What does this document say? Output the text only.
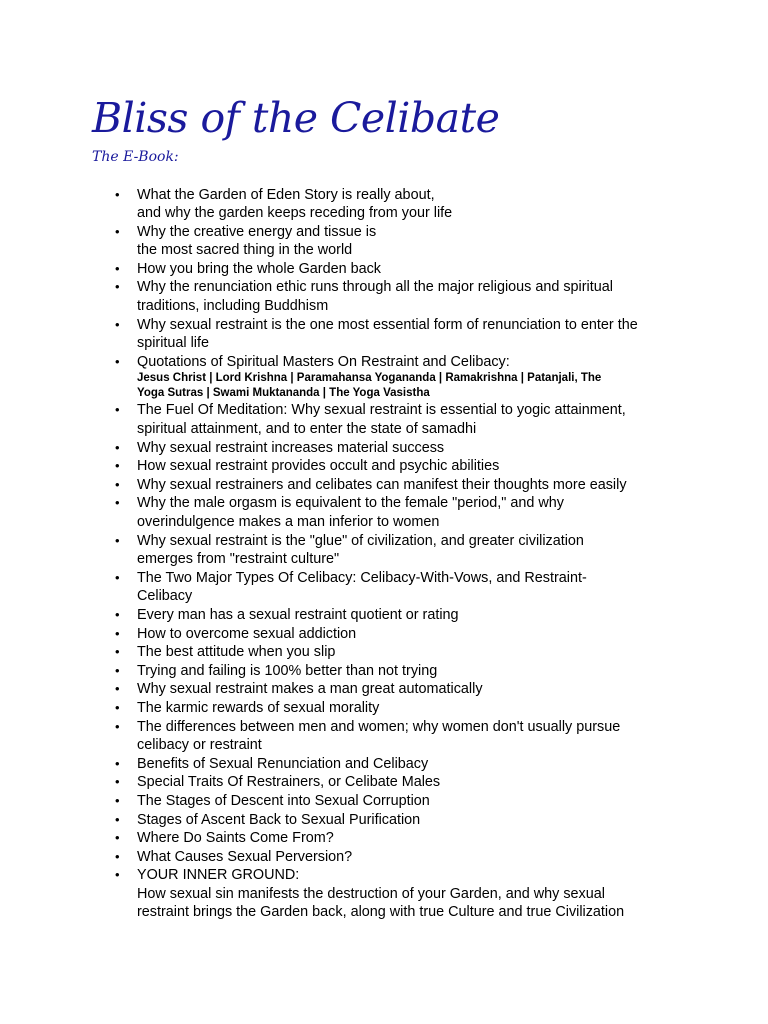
Bliss of the Celibate
The E-Book:
• What the Garden of Eden Story is really about,
and why the garden keeps receding from your life
• Why the creative energy and tissue is
the most sacred thing in the world
• How you bring the whole Garden back
• Why the renunciation ethic runs through all the major religious and spiritual
traditions, including Buddhism
• Why sexual restraint is the one most essential form of renunciation to enter the
spiritual life
• Quotations of Spiritual Masters On Restraint and Celibacy:
Jesus Christ | Lord Krishna | Paramahansa Yogananda | Ramakrishna | Patanjali, The
Yoga Sutras | Swami Muktananda | The Yoga Vasistha
• The Fuel Of Meditation: Why sexual restraint is essential to yogic attainment,
spiritual attainment, and to enter the state of samadhi
• Why sexual restraint increases material success
• How sexual restraint provides occult and psychic abilities
• Why sexual restrainers and celibates can manifest their thoughts more easily
• Why the male orgasm is equivalent to the female "period," and why
overindulgence makes a man inferior to women
• Why sexual restraint is the "glue" of civilization, and greater civilization
emerges from "restraint culture"
• The Two Major Types Of Celibacy: Celibacy-With-Vows, and Restraint-
Celibacy
• Every man has a sexual restraint quotient or rating
• How to overcome sexual addiction
• The best attitude when you slip
• Trying and failing is 100% better than not trying
• Why sexual restraint makes a man great automatically
• The karmic rewards of sexual morality
• The differences between men and women; why women don't usually pursue
celibacy or restraint
• Benefits of Sexual Renunciation and Celibacy
• Special Traits Of Restrainers, or Celibate Males
• The Stages of Descent into Sexual Corruption
• Stages of Ascent Back to Sexual Purification
• Where Do Saints Come From?
• What Causes Sexual Perversion?
• YOUR INNER GROUND:
How sexual sin manifests the destruction of your Garden, and why sexual
restraint brings the Garden back, along with true Culture and true Civilization
